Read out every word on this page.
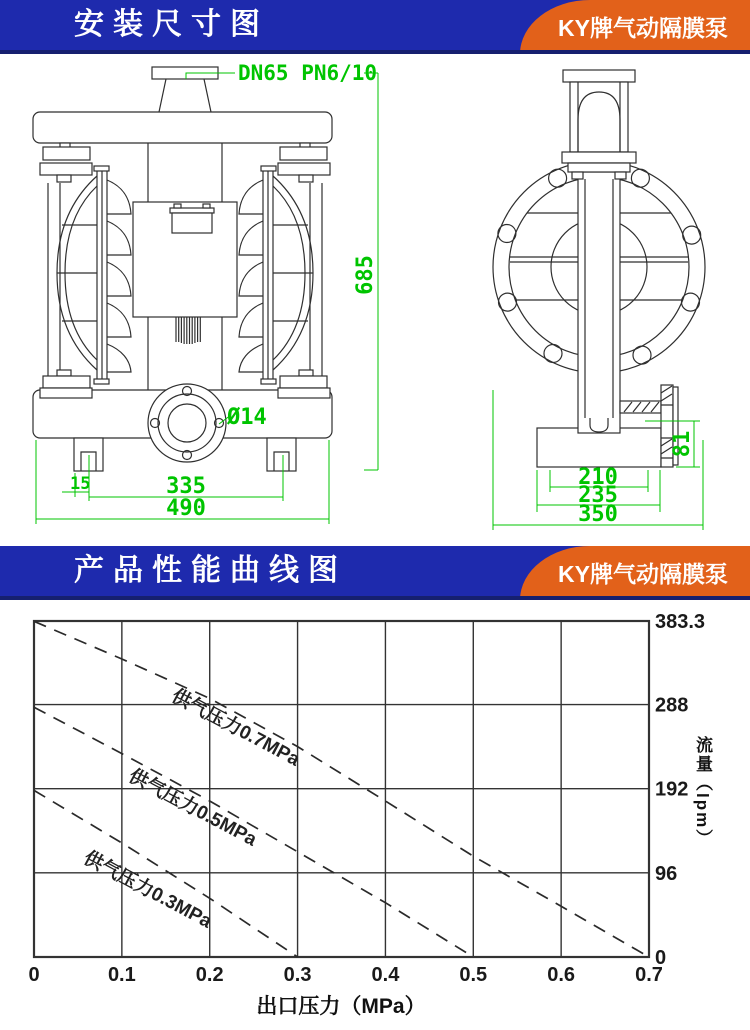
安装尺寸图	KY牌气动隔膜泵
DN65 PN6/10
685
Ø14
15	335
490
210
235
350
81
产品性能曲线图	KY牌气动隔膜泵
0	0.1	0.2	0.3	0.4	0.5	0.6	0.7
0
96
192
288
383.3
供气压力0.7MPa
供气压力0.5MPa
供气压力0.3MPa
出口压力（MPa）
流量（lpm）
